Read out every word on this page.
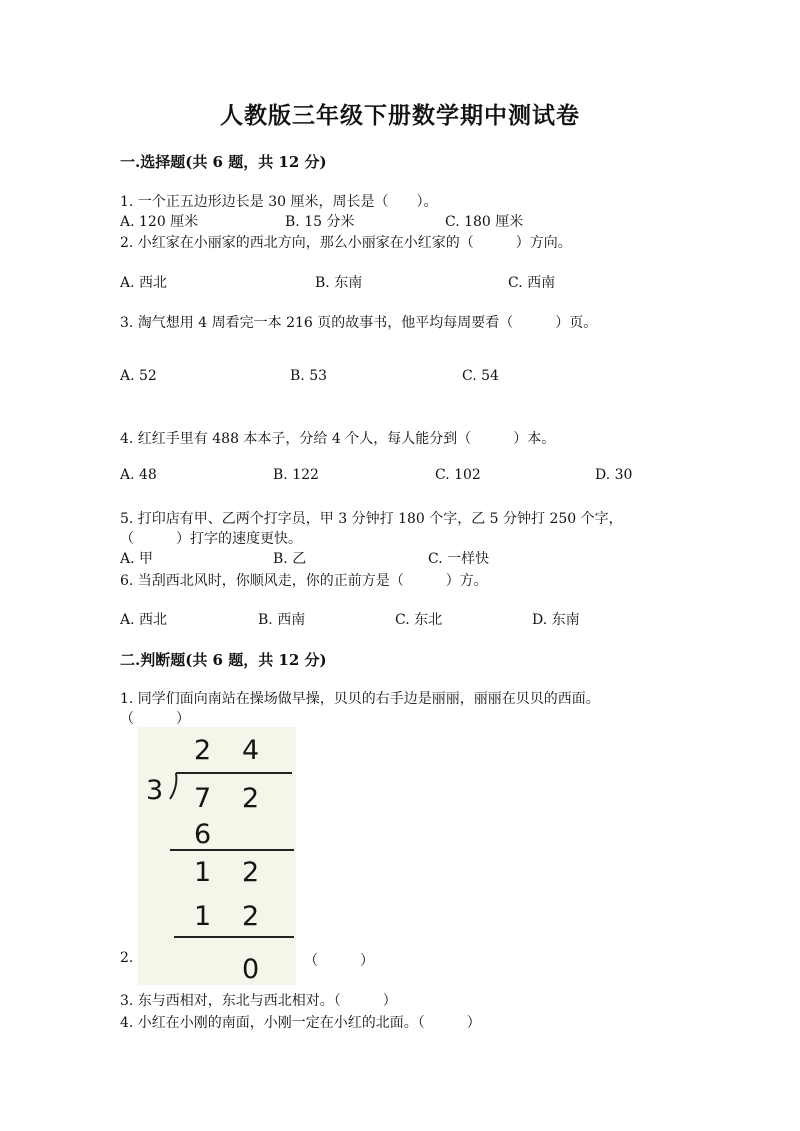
人教版三年级下册数学期中测试卷
一.选择题(共 6 题，共 12 分)
1. 一个正五边形边长是 30 厘米，周长是（　　）。
A. 120 厘米	B. 15 分米	C. 180 厘米
2. 小红家在小丽家的西北方向，那么小丽家在小红家的（　　　）方向。
A. 西北	B. 东南	C. 西南
3. 淘气想用 4 周看完一本 216 页的故事书，他平均每周要看（　　　）页。
A. 52	B. 53	C. 54
4. 红红手里有 488 本本子，分给 4 个人，每人能分到（　　　）本。
A. 48	B. 122	C. 102	D. 30
5. 打印店有甲、乙两个打字员，甲 3 分钟打 180 个字，乙 5 分钟打 250 个字，
（　　　）打字的速度更快。
A. 甲	B. 乙	C. 一样快
6. 当刮西北风时，你顺风走，你的正前方是（　　　）方。
A. 西北	B. 西南	C. 东北	D. 东南
二.判断题(共 6 题，共 12 分)
1. 同学们面向南站在操场做早操，贝贝的右手边是丽丽，丽丽在贝贝的西面。
（　　　）
2 4
3 7 2
6
1 2
1 2
0
2.	（　　　）
3. 东与西相对，东北与西北相对。（　　　）
4. 小红在小刚的南面，小刚一定在小红的北面。（　　　）
